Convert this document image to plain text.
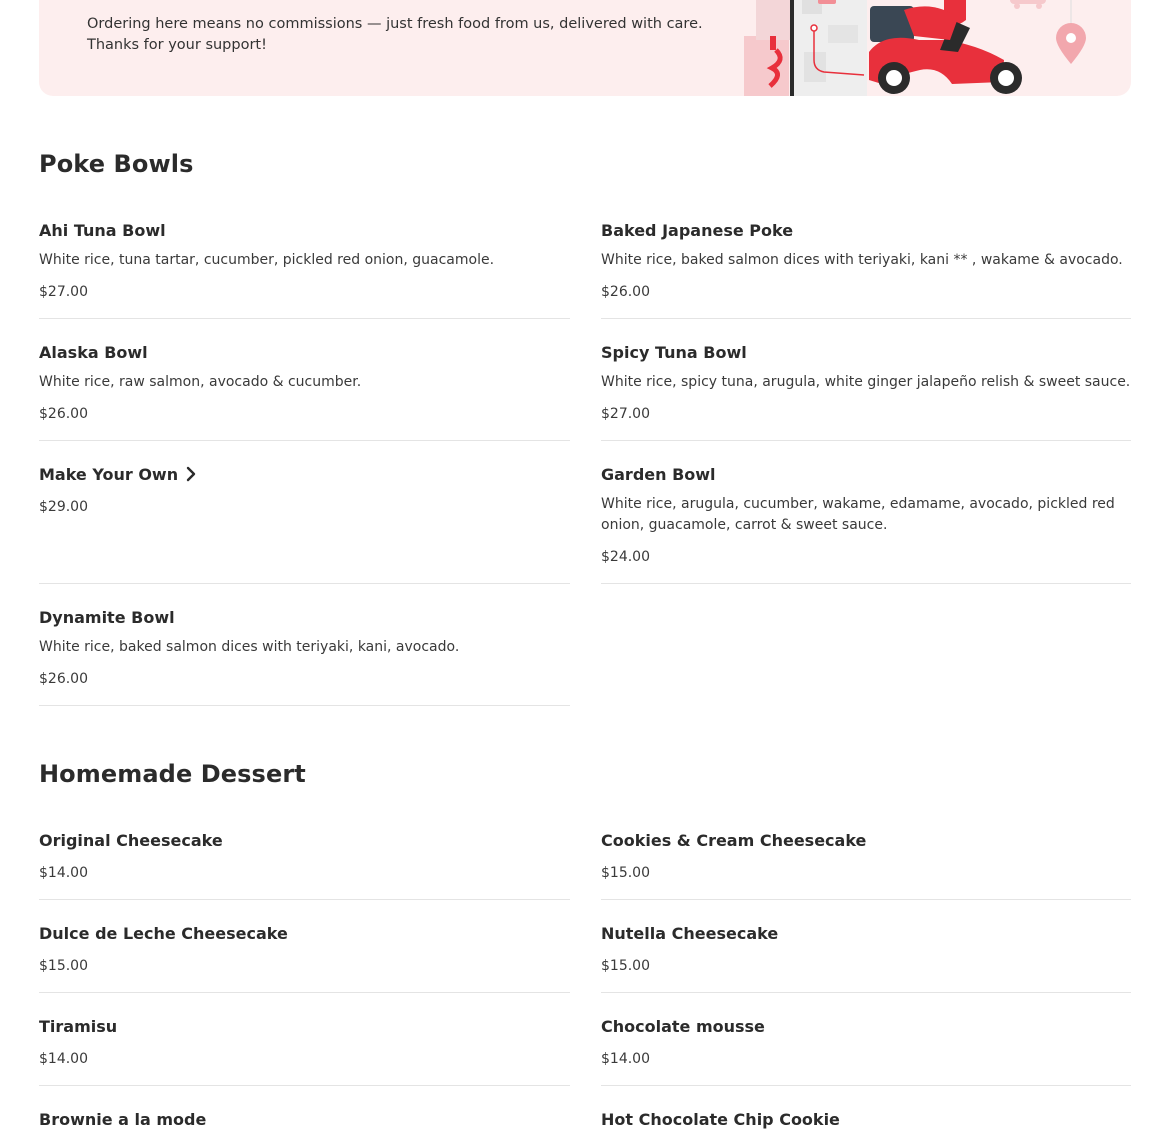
Ordering here means no commissions — just fresh food from us, delivered with care.
Thanks for your support!
Poke Bowls
Ahi Tuna Bowl
White rice, tuna tartar, cucumber, pickled red onion, guacamole.
$27.00
Baked Japanese Poke
White rice, baked salmon dices with teriyaki, kani ** , wakame & avocado.
$26.00
Alaska Bowl
White rice, raw salmon, avocado & cucumber.
$26.00
Spicy Tuna Bowl
White rice, spicy tuna, arugula, white ginger jalapeño relish & sweet sauce.
$27.00
Make Your Own
$29.00
Garden Bowl
White rice, arugula, cucumber, wakame, edamame, avocado, pickled red onion, guacamole, carrot & sweet sauce.
$24.00
Dynamite Bowl
White rice, baked salmon dices with teriyaki, kani, avocado.
$26.00
Homemade Dessert
Original Cheesecake
$14.00
Cookies & Cream Cheesecake
$15.00
Dulce de Leche Cheesecake
$15.00
Nutella Cheesecake
$15.00
Tiramisu
$14.00
Chocolate mousse
$14.00
Brownie a la mode	Hot Chocolate Chip Cookie
